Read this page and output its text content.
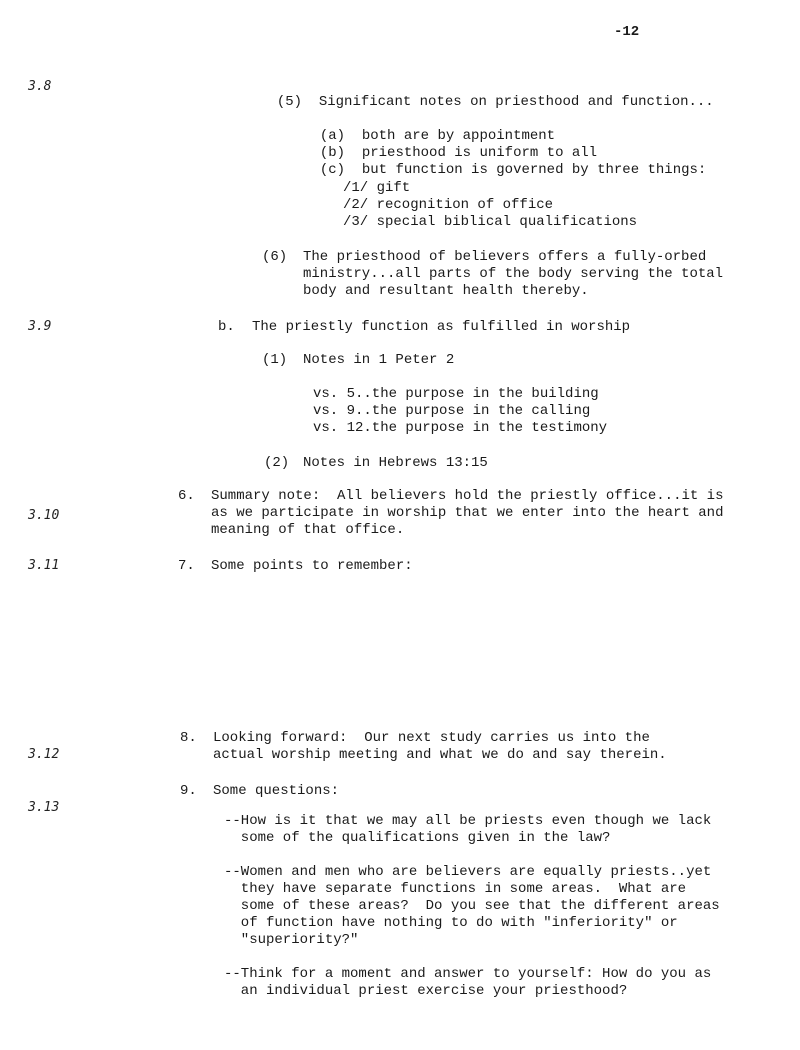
-12
3.8
3.9
3.10
3.11
3.12
3.13

(5) Significant notes on priesthood and function...

(a) both are by appointment

(b) priesthood is uniform to all

(c) but function is governed by three things:

/1/ gift
/2/ recognition of office
/3/ special biblical qualifications
(6) The priesthood of believers offers a fully-orbed
ministry...all parts of the body serving the total
body and resultant health thereby.
b. The priestly function as fulfilled in worship
(1) Notes in 1 Peter 2
vs. 5..the purpose in the building
vs. 9..the purpose in the calling
vs. 12.the purpose in the testimony
(2) Notes in Hebrews 13:15
6. Summary note:  All believers hold the priestly office...it is
as we participate in worship that we enter into the heart and
meaning of that office.
7. Some points to remember:
8. Looking forward:  Our next study carries us into the
actual worship meeting and what we do and say therein.
9. Some questions:
--How is it that we may all be priests even though we lack
some of the qualifications given in the law?
--Women and men who are believers are equally priests..yet
they have separate functions in some areas.  What are
some of these areas?  Do you see that the different areas
of function have nothing to do with "inferiority" or
"superiority?"
--Think for a moment and answer to yourself: How do you as
an individual priest exercise your priesthood?
